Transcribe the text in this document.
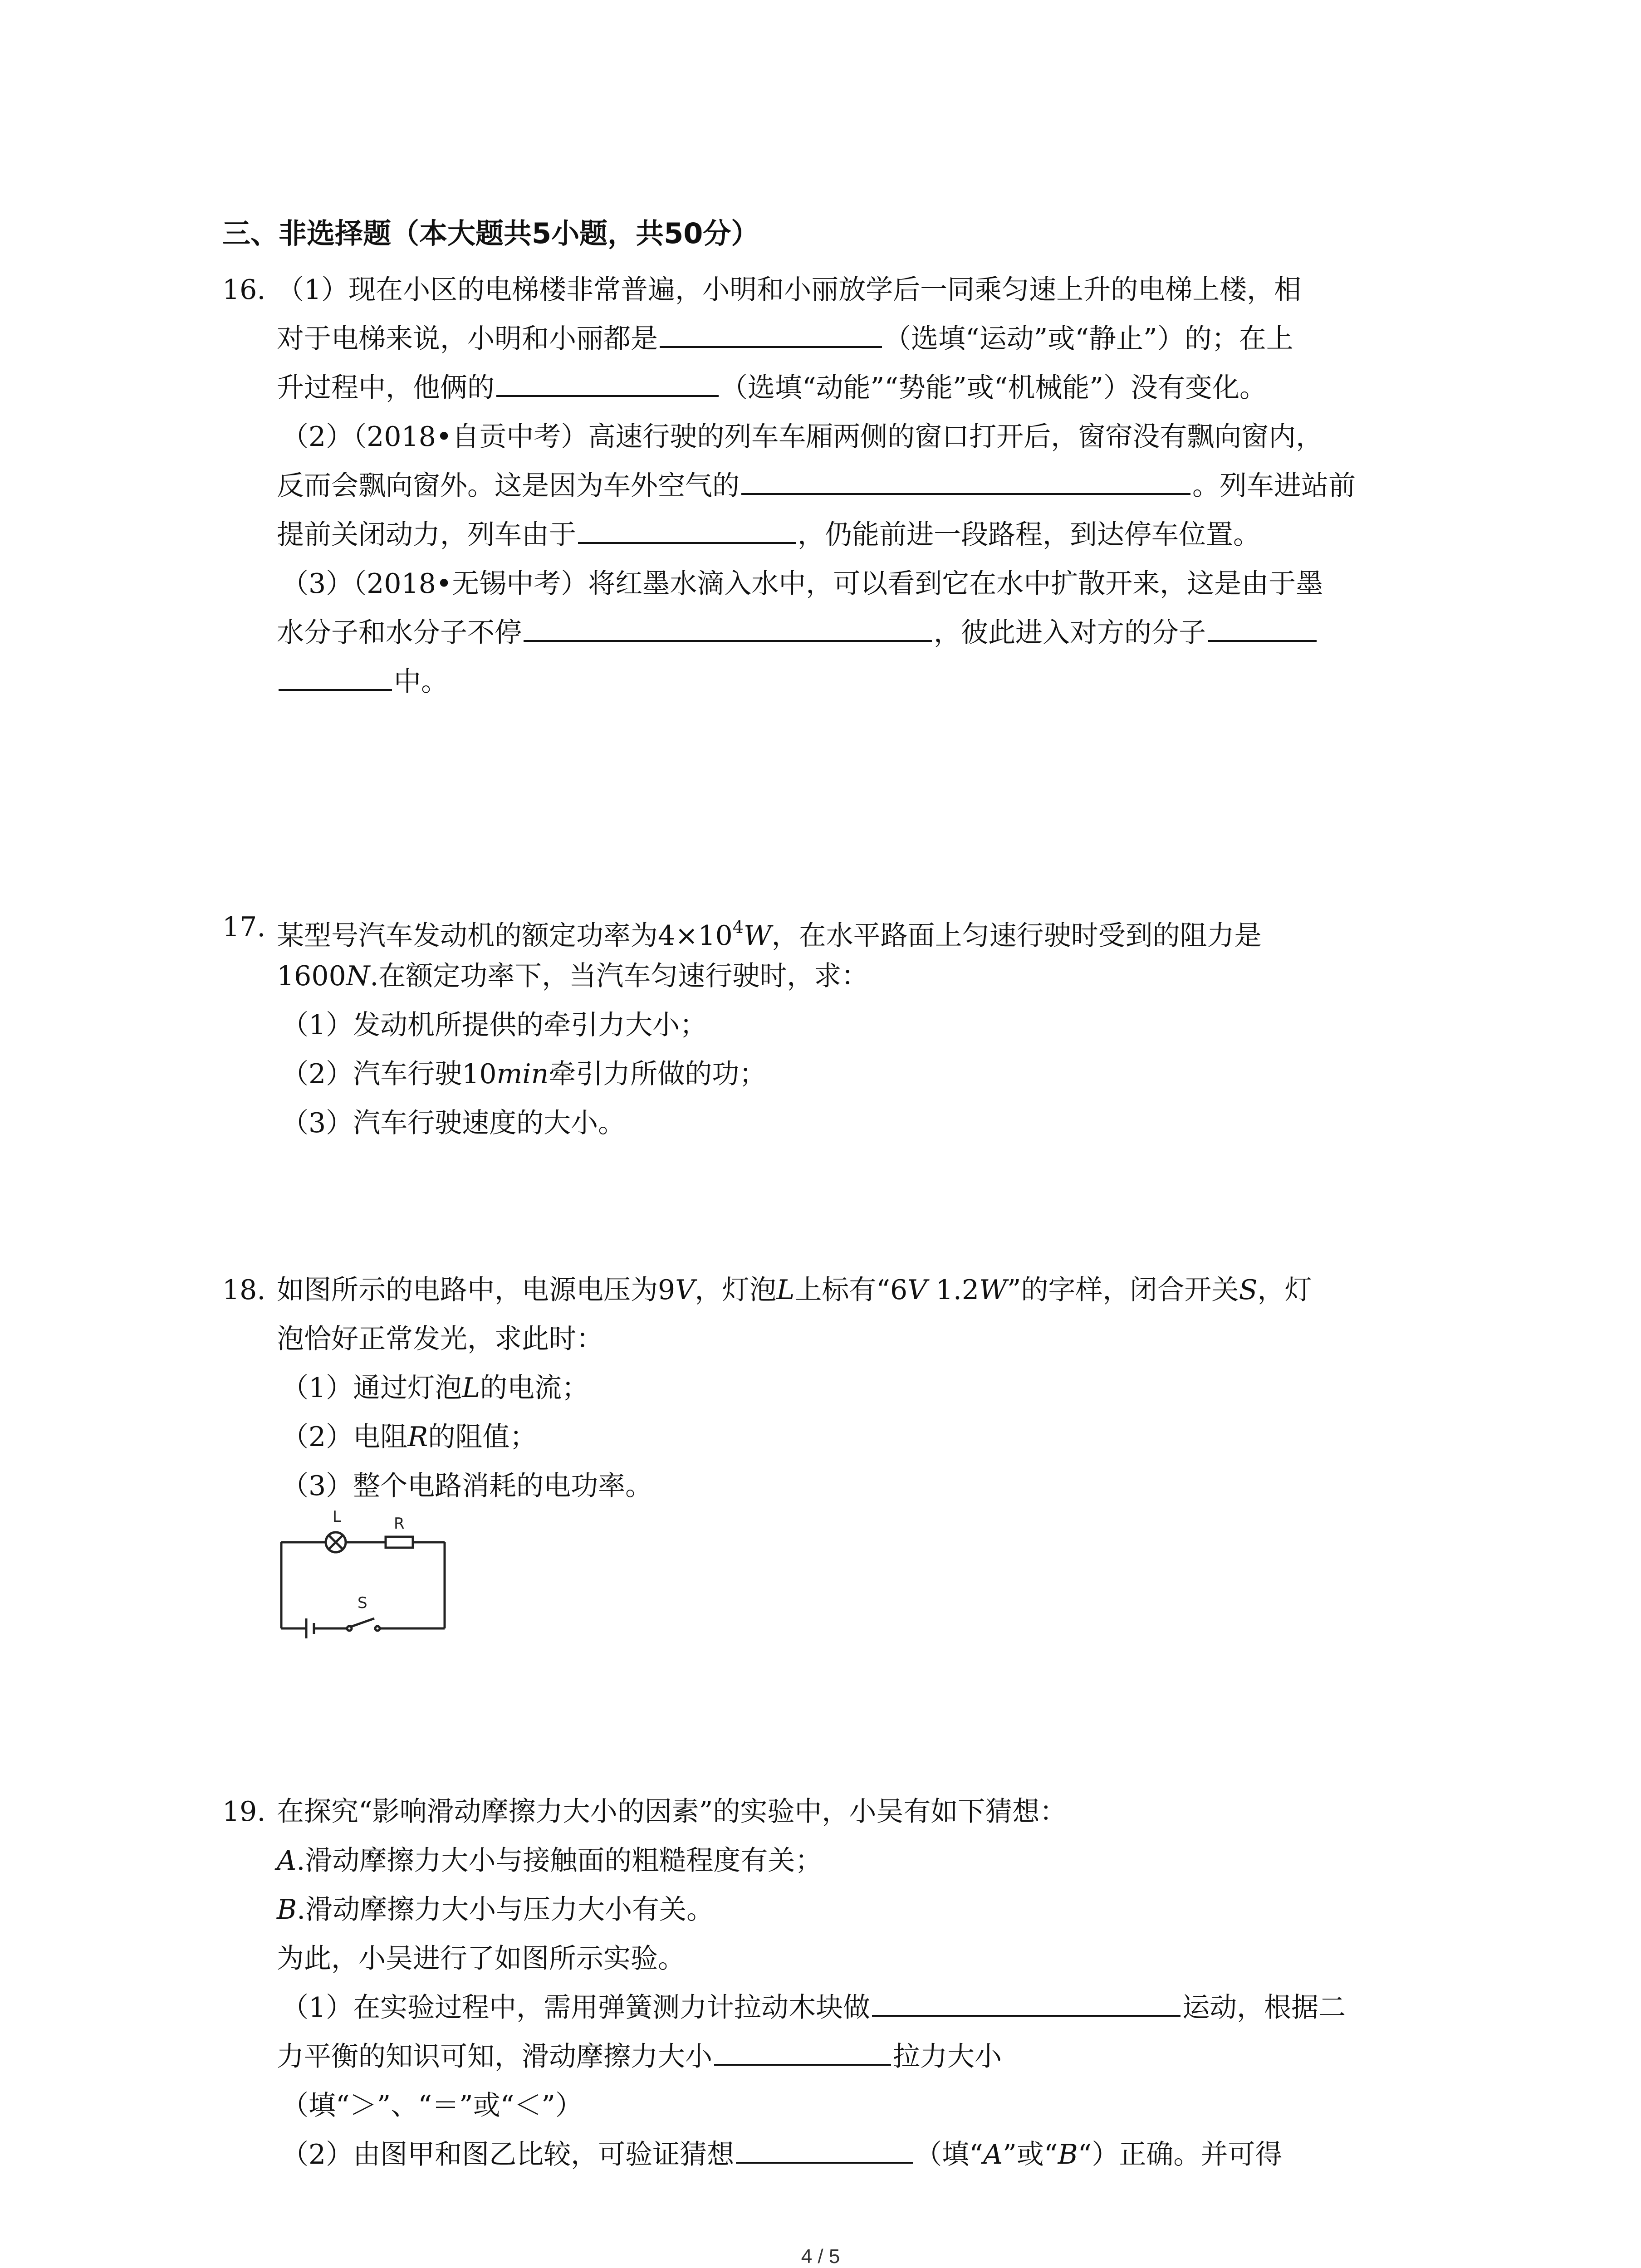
三、非选择题（本大题共5小题，共50分）
16. （1）现在小区的电梯楼非常普遍，小明和小丽放学后一同乘匀速上升的电梯上楼，相
对于电梯来说，小明和小丽都是	（选填“运动”或“静止”）的；在上
升过程中，他俩的	（选填“动能”“势能”或“机械能”）没有变化。
（2）（2018•自贡中考）高速行驶的列车车厢两侧的窗口打开后，窗帘没有飘向窗内，
反而会飘向窗外。这是因为车外空气的	。列车进站前
提前关闭动力，列车由于	，仍能前进一段路程，到达停车位置。
（3）（2018•无锡中考）将红墨水滴入水中，可以看到它在水中扩散开来，这是由于墨
水分子和水分子不停	，彼此进入对方的分子
中。
17. 某型号汽车发动机的额定功率为$4\times 10^4W$，在水平路面上匀速行驶时受到的阻力是
1600N.在额定功率下，当汽车匀速行驶时，求：
（1）发动机所提供的牵引力大小；
（2）汽车行驶10min牵引力所做的功；
（3）汽车行驶速度的大小。
18. 如图所示的电路中，电源电压为9V，灯泡L上标有“6V 1.2W”的字样，闭合开关S，灯
泡恰好正常发光，求此时：
（1）通过灯泡L的电流；
（2）电阻R的阻值；
（3）整个电路消耗的电功率。
L	R
S
19. 在探究“影响滑动摩擦力大小的因素”的实验中，小吴有如下猜想：
A.滑动摩擦力大小与接触面的粗糙程度有关；
B.滑动摩擦力大小与压力大小有关。
为此，小吴进行了如图所示实验。
（1）在实验过程中，需用弹簧测力计拉动木块做	运动，根据二
力平衡的知识可知，滑动摩擦力大小	拉力大小
（填“＞”、“＝”或“＜”）
（2）由图甲和图乙比较，可验证猜想	（填“A”或“B“）正确。并可得
4 / 5
